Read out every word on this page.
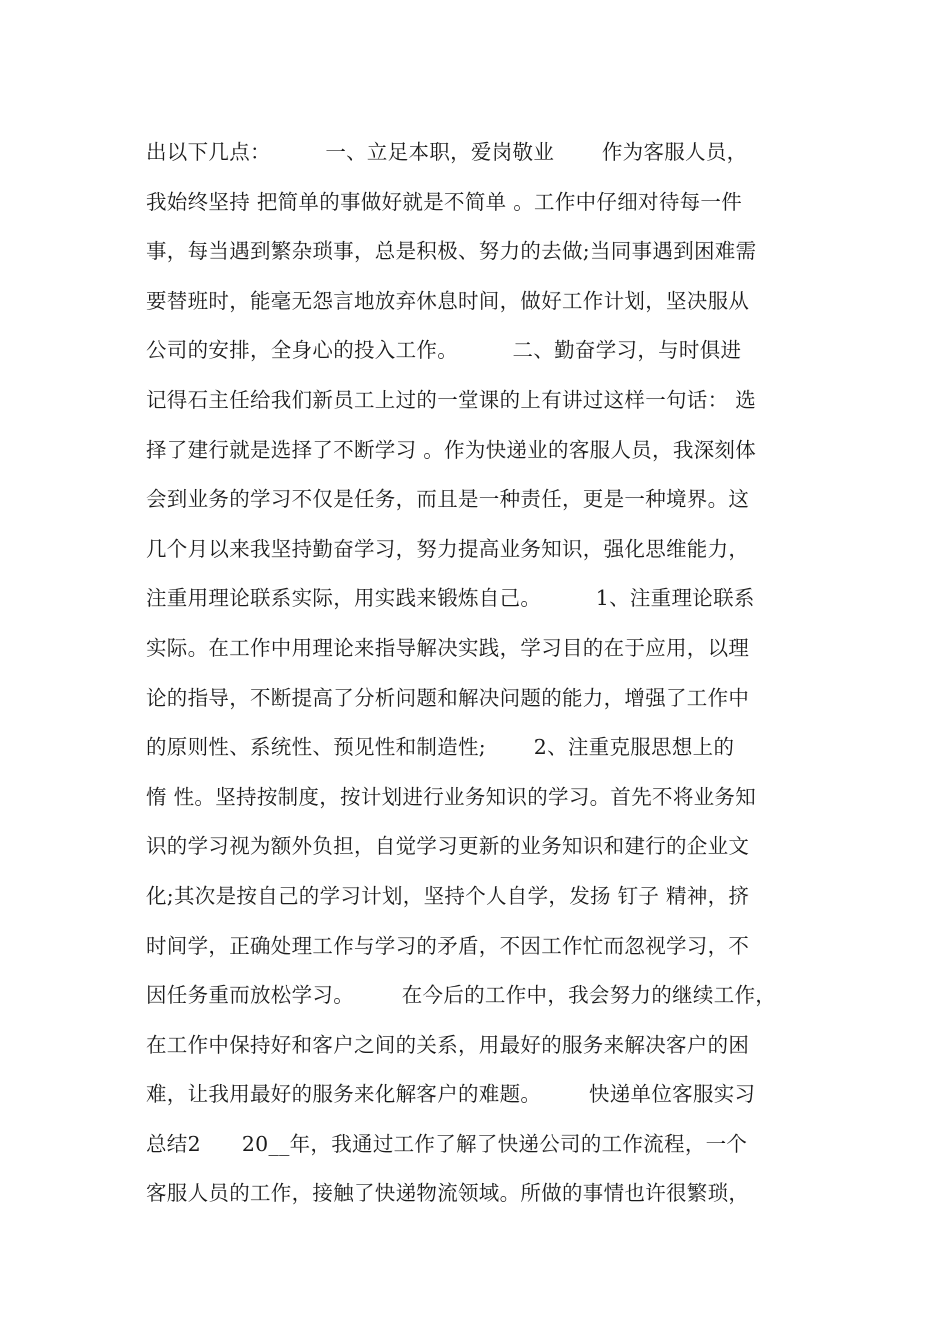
出以下几点：        一、立足本职，爱岗敬业       作为客服人员，
我始终坚持 把简单的事做好就是不简单 。工作中仔细对待每一件
事，每当遇到繁杂琐事，总是积极、努力的去做;当同事遇到困难需
要替班时，能毫无怨言地放弃休息时间，做好工作计划，坚决服从
公司的安排，全身心的投入工作。        二、勤奋学习，与时俱进
记得石主任给我们新员工上过的一堂课的上有讲过这样一句话： 选
择了建行就是选择了不断学习 。作为快递业的客服人员，我深刻体
会到业务的学习不仅是任务，而且是一种责任，更是一种境界。这
几个月以来我坚持勤奋学习，努力提高业务知识，强化思维能力，
注重用理论联系实际，用实践来锻炼自己。        1、注重理论联系
实际。在工作中用理论来指导解决实践，学习目的在于应用，以理
论的指导，不断提高了分析问题和解决问题的能力，增强了工作中
的原则性、系统性、预见性和制造性;       2、注重克服思想上的
惰 性。坚持按制度，按计划进行业务知识的学习。首先不将业务知
识的学习视为额外负担，自觉学习更新的业务知识和建行的企业文
化;其次是按自己的学习计划，坚持个人自学，发扬 钉子 精神，挤
时间学，正确处理工作与学习的矛盾，不因工作忙而忽视学习，不
因任务重而放松学习。       在今后的工作中，我会努力的继续工作，
在工作中保持好和客户之间的关系，用最好的服务来解决客户的困
难，让我用最好的服务来化解客户的难题。       快递单位客服实习
总结2      20__年，我通过工作了解了快递公司的工作流程，一个
客服人员的工作，接触了快递物流领域。所做的事情也许很繁琐，
